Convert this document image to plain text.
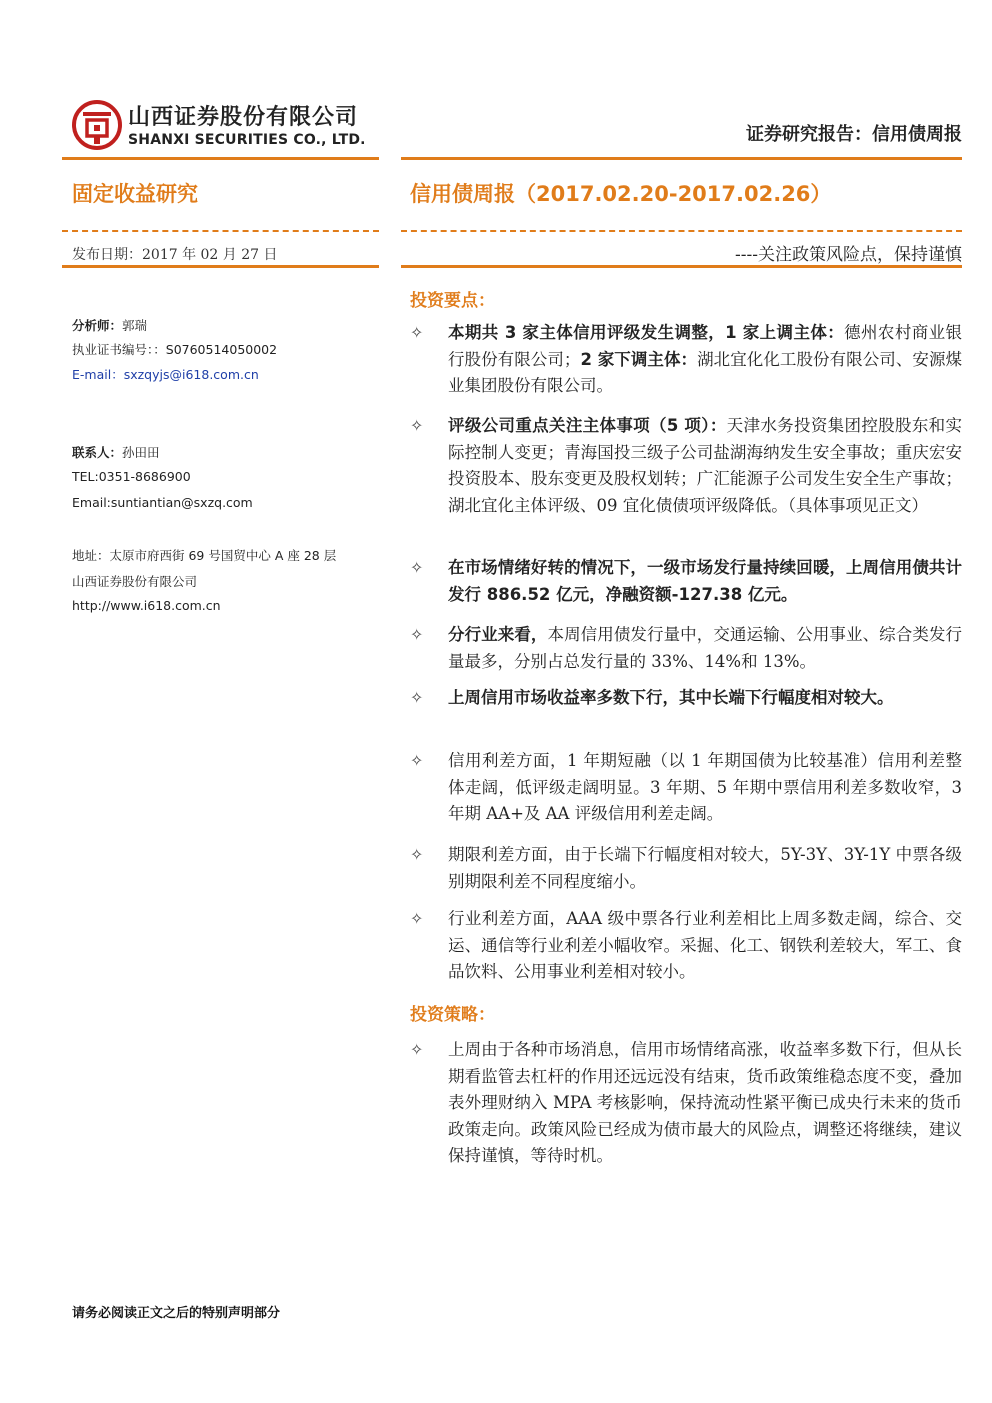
山西证券股份有限公司
SHANXI SECURITIES CO., LTD.	证券研究报告：信用债周报
固定收益研究	信用债周报（2017.02.20-2017.02.26）
发布日期：2017 年 02 月 27 日	----关注政策风险点，保持谨慎
分析师：郭瑞
执业证书编号：：S0760514050002
E-mail：sxzqyjs@i618.com.cn
联系人：孙田田
TEL:0351-8686900
Email:suntiantian@sxzq.com
地址：太原市府西街 69 号国贸中心 A 座 28 层
山西证券股份有限公司
http://www.i618.com.cn
投资要点：
✧	本期共 3 家主体信用评级发生调整，1 家上调主体：德州农村商业银行股份有限公司；2 家下调主体：湖北宜化化工股份有限公司、安源煤业集团股份有限公司。
✧	评级公司重点关注主体事项（5 项）：天津水务投资集团控股股东和实际控制人变更；青海国投三级子公司盐湖海纳发生安全事故；重庆宏安投资股本、股东变更及股权划转；广汇能源子公司发生安全生产事故；湖北宜化主体评级、09 宜化债债项评级降低。（具体事项见正文）
✧	在市场情绪好转的情况下，一级市场发行量持续回暖，上周信用债共计发行 886.52 亿元，净融资额-127.38 亿元。
✧	分行业来看，本周信用债发行量中，交通运输、公用事业、综合类发行量最多，分别占总发行量的 33%、14%和 13%。
✧	上周信用市场收益率多数下行，其中长端下行幅度相对较大。
✧	信用利差方面，1 年期短融（以 1 年期国债为比较基准）信用利差整体走阔，低评级走阔明显。3 年期、5 年期中票信用利差多数收窄，3 年期 AA+及 AA 评级信用利差走阔。
✧	期限利差方面，由于长端下行幅度相对较大，5Y-3Y、3Y-1Y 中票各级别期限利差不同程度缩小。
✧	行业利差方面，AAA 级中票各行业利差相比上周多数走阔，综合、交运、通信等行业利差小幅收窄。采掘、化工、钢铁利差较大，军工、食品饮料、公用事业利差相对较小。
投资策略：
✧	上周由于各种市场消息，信用市场情绪高涨，收益率多数下行，但从长期看监管去杠杆的作用还远远没有结束，货币政策维稳态度不变，叠加表外理财纳入 MPA 考核影响，保持流动性紧平衡已成央行未来的货币政策走向。政策风险已经成为债市最大的风险点，调整还将继续，建议保持谨慎，等待时机。
请务必阅读正文之后的特别声明部分
